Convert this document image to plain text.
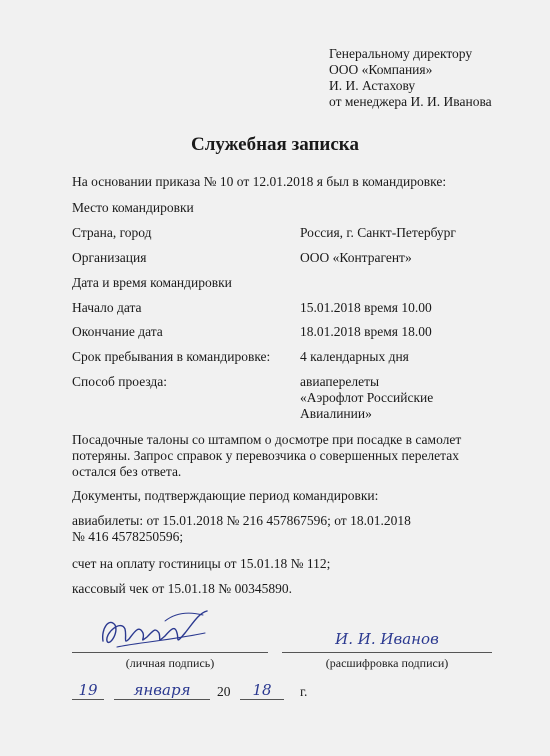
Генеральному директору
ООО «Компания»
И. И. Астахову
от менеджера И. И. Иванова
Служебная записка
На основании приказа № 10 от 12.01.2018 я был в командировке:
Место командировки
Страна, город	Россия, г. Санкт-Петербург
Организация	ООО «Контрагент»
Дата и время командировки
Начало дата	15.01.2018 время 10.00
Окончание дата	18.01.2018 время 18.00
Срок пребывания в командировке: 4 календарных дня
Способ проезда:	авиаперелеты
«Аэрофлот Российские
Авиалинии»
Посадочные талоны со штампом о досмотре при посадке в самолет
потеряны. Запрос справок у перевозчика о совершенных перелетах
остался без ответа.
Документы, подтверждающие период командировки:
авиабилеты: от 15.01.2018 № 216 457867596; от 18.01.2018
№ 416 4578250596;
счет на оплату гостиницы от 15.01.18 № 112;
кассовый чек от 15.01.18 № 00345890.
(личная подпись)
И. И. Иванов
(расшифровка подписи)
19	января	20	18	г.
